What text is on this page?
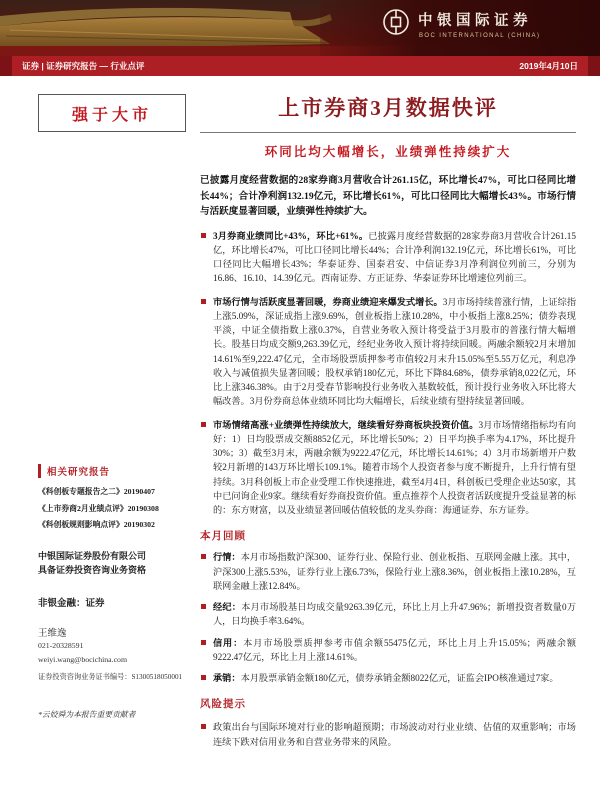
中银国际证券
BOC INTERNATIONAL (CHINA)
证券 | 证券研究报告 — 行业点评	2019年4月10日
强于大市
相关研究报告
《科创板专题报告之二》20190407
《上市券商2月业绩点评》20190308
《科创板规则影响点评》20190302
中银国际证券股份有限公司
具备证券投资咨询业务资格
非银金融：证券
王维逸
021-20328591
weiyi.wang@bocichina.com
证券投资咨询业务证书编号：S1300518050001
*云姣舜为本报告重要贡献者
上市券商3月数据快评
环同比均大幅增长，业绩弹性持续扩大

已披露月度经营数据的28家券商3月营收合计261.15亿，环比增长47%，可比口径同比增长44%；合计净利润132.19亿元，环比增长61%，可比口径同比大幅增长43%。市场行情与活跃度显著回暖，业绩弹性持续扩大。

3月券商业绩同比+43%，环比+61%。已披露月度经营数据的28家券商3月营收合计261.15亿，环比增长47%，可比口径同比增长44%；合计净利润132.19亿元，环比增长61%，可比口径同比大幅增长43%；华泰证券、国泰君安、中信证券3月净利润位列前三，分别为16.86、16.10、14.39亿元。西南证券、方正证券、华泰证券环比增速位列前三。

市场行情与活跃度显著回暖，券商业绩迎来爆发式增长。3月市场持续普涨行情，上证综指上涨5.09%，深证成指上涨9.69%，创业板指上涨10.28%，中小板指上涨8.25%；债券表现平淡，中证全债指数上涨0.37%，自营业务收入预计将受益于3月股市的普涨行情大幅增长。股基日均成交额9,263.39亿元，经纪业务收入预计将持续回暖。两融余额较2月末增加14.61%至9,222.47亿元，全市场股票质押参考市值较2月末升15.05%至5.55万亿元，利息净收入与减值损失显著回暖；股权承销180亿元，环比下降84.68%，债券承销8,022亿元，环比上涨346.38%。由于2月受春节影响投行业务收入基数较低，预计投行业务收入环比将大幅改善。3月份券商总体业绩环同比均大幅增长，后续业绩有望持续显著回暖。

市场情绪高涨+业绩弹性持续放大，继续看好券商板块投资价值。3月市场情绪指标均有向好：1）日均股票成交额8852亿元，环比增长50%；2）日平均换手率为4.17%，环比提升30%；3）截至3月末，两融余额为9222.47亿元，环比增长14.61%；4）3月市场新增开户数较2月新增的143万环比增长109.1%。随着市场个人投资者参与度不断提升，上升行情有望持续。3月科创板上市企业受理工作快速推进，截至4月4日，科创板已受理企业达50家，其中已问询企业9家。继续看好券商投资价值。重点推荐个人投资者活跃度提升受益显著的标的：东方财富，以及业绩显著回暖估值较低的龙头券商：海通证券、东方证券。

本月回顾

行情：本月市场指数沪深300、证券行业、保险行业、创业板指、互联网金融上涨。其中，沪深300上涨5.53%，证券行业上涨6.73%，保险行业上涨8.36%，创业板指上涨10.28%，互联网金融上涨12.84%。

经纪：本月市场股基日均成交量9263.39亿元，环比上月上升47.96%；新增投资者数量0万人，日均换手率3.64%。

信用：本月市场股票质押参考市值余额55475亿元，环比上月上升15.05%；两融余额9222.47亿元，环比上月上涨14.61%。

承销：本月股票承销金额180亿元，债券承销金额8022亿元，证监会IPO核准通过7家。

风险提示

政策出台与国际环境对行业的影响超预期；市场波动对行业业绩、估值的双重影响；市场连续下跌对信用业务和自营业务带来的风险。
